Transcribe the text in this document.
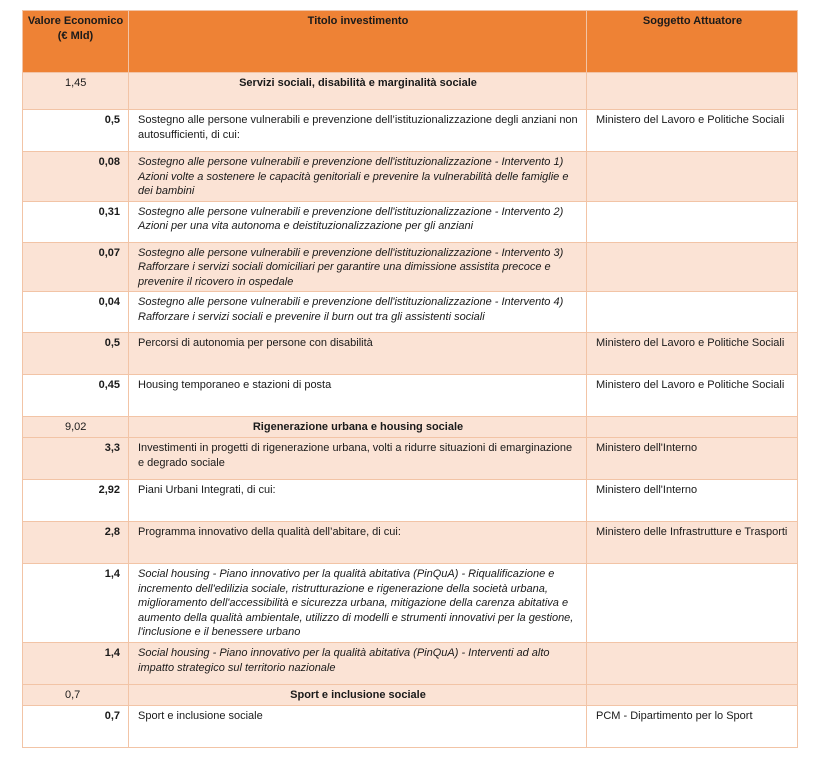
Valore Economico (€ Mld)	Titolo investimento	Soggetto Attuatore
1,45	Servizi sociali, disabilità e marginalità sociale	
0,5	Sostegno alle persone vulnerabili e prevenzione dell’istituzionalizzazione degli anziani non autosufficienti, di cui:	Ministero del Lavoro e Politiche Sociali
0,08	Sostegno alle persone vulnerabili e prevenzione dell'istituzionalizzazione - Intervento 1) Azioni volte a sostenere le capacità genitoriali e prevenire la vulnerabilità delle famiglie e dei bambini	
0,31	Sostegno alle persone vulnerabili e prevenzione dell'istituzionalizzazione - Intervento 2) Azioni per una vita autonoma e deistituzionalizzazione per gli anziani	
0,07	Sostegno alle persone vulnerabili e prevenzione dell'istituzionalizzazione - Intervento 3) Rafforzare i servizi sociali domiciliari per garantire una dimissione assistita precoce e prevenire il ricovero in ospedale	
0,04	Sostegno alle persone vulnerabili e prevenzione dell'istituzionalizzazione - Intervento 4) Rafforzare i servizi sociali e prevenire il burn out tra gli assistenti sociali	
0,5	Percorsi di autonomia per persone con disabilità	Ministero del Lavoro e Politiche Sociali
0,45	Housing temporaneo e stazioni di posta	Ministero del Lavoro e Politiche Sociali
9,02	Rigenerazione urbana e housing sociale	
3,3	Investimenti in progetti di rigenerazione urbana, volti a ridurre situazioni di emarginazione e degrado sociale	Ministero dell'Interno
2,92	Piani Urbani Integrati, di cui:	Ministero dell'Interno
2,8	Programma innovativo della qualità dell’abitare, di cui:	Ministero delle Infrastrutture e Trasporti
1,4	Social housing - Piano innovativo per la qualità abitativa (PinQuA) - Riqualificazione e incremento dell'edilizia sociale, ristrutturazione e rigenerazione della società urbana, miglioramento dell'accessibilità e sicurezza urbana, mitigazione della carenza abitativa e aumento della qualità ambientale, utilizzo di modelli e strumenti innovativi per la gestione, l'inclusione e il benessere urbano	
1,4	Social housing - Piano innovativo per la qualità abitativa (PinQuA) - Interventi ad alto impatto strategico sul territorio nazionale	
0,7	Sport e inclusione sociale	
0,7	Sport e inclusione sociale	PCM - Dipartimento per lo Sport
